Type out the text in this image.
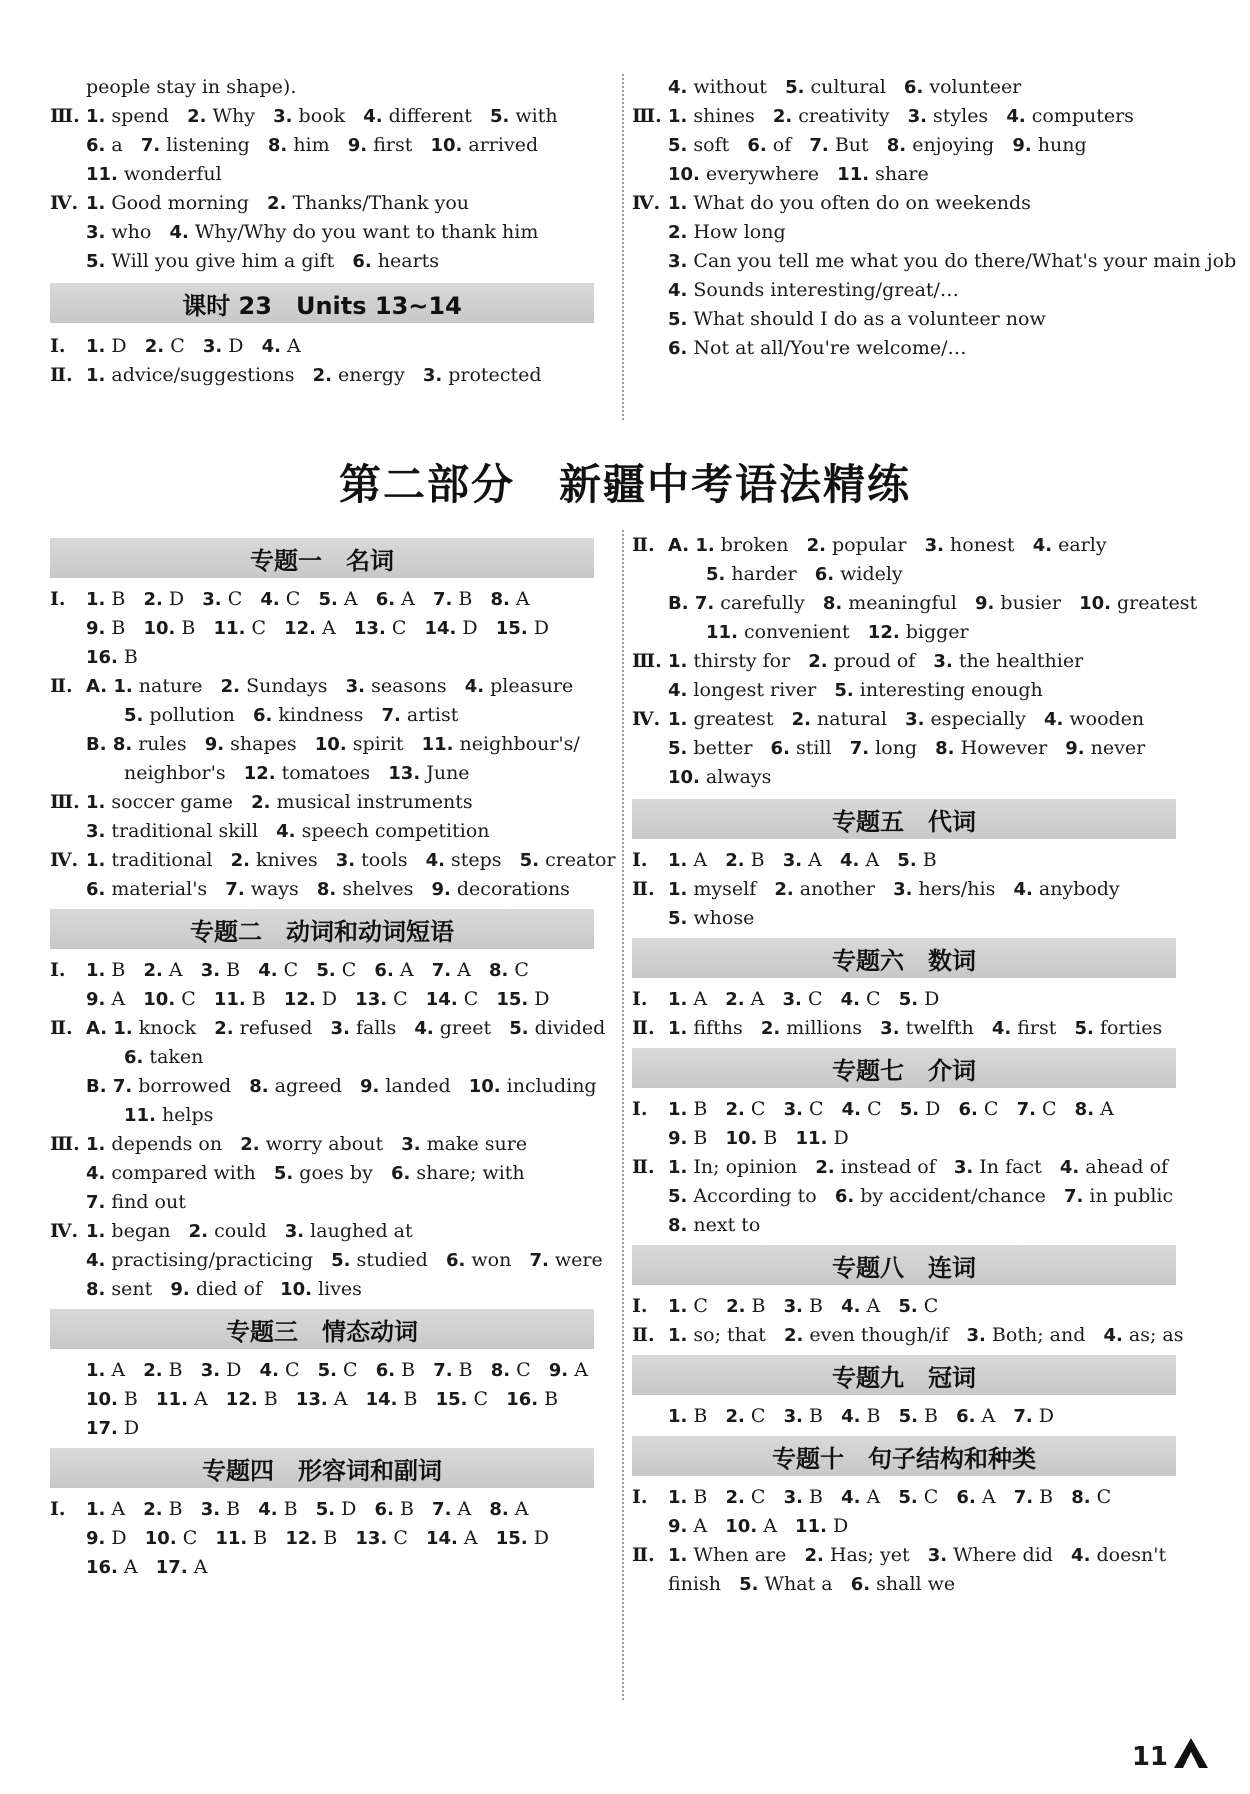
第二部分　新疆中考语法精练
people stay in shape).
Ⅲ. 1. spend   2. Why   3. book   4. different   5. with
6. a   7. listening   8. him   9. first   10. arrived
11. wonderful
Ⅳ. 1. Good morning   2. Thanks/Thank you
3. who   4. Why/Why do you want to thank him
5. Will you give him a gift   6. hearts
课时 23　Units 13~14
Ⅰ. 1. D   2. C   3. D   4. A
Ⅱ. 1. advice/suggestions   2. energy   3. protected
4. without   5. cultural   6. volunteer
Ⅲ. 1. shines   2. creativity   3. styles   4. computers
5. soft   6. of   7. But   8. enjoying   9. hung
10. everywhere   11. share
Ⅳ. 1. What do you often do on weekends
2. How long
3. Can you tell me what you do there/What's your main job
4. Sounds interesting/great/…
5. What should I do as a volunteer now
6. Not at all/You're welcome/…
专题一　名词
Ⅰ. 1. B   2. D   3. C   4. C   5. A   6. A   7. B   8. A
9. B   10. B   11. C   12. A   13. C   14. D   15. D
16. B
Ⅱ. A. 1. nature   2. Sundays   3. seasons   4. pleasure
　　5. pollution   6. kindness   7. artist
B. 8. rules   9. shapes   10. spirit   11. neighbour's/
　　neighbor's   12. tomatoes   13. June
Ⅲ. 1. soccer game   2. musical instruments
3. traditional skill   4. speech competition
Ⅳ. 1. traditional   2. knives   3. tools   4. steps   5. creator
6. material's   7. ways   8. shelves   9. decorations
专题二　动词和动词短语
Ⅰ. 1. B   2. A   3. B   4. C   5. C   6. A   7. A   8. C
9. A   10. C   11. B   12. D   13. C   14. C   15. D
Ⅱ. A. 1. knock   2. refused   3. falls   4. greet   5. divided
　　6. taken
B. 7. borrowed   8. agreed   9. landed   10. including
　　11. helps
Ⅲ. 1. depends on   2. worry about   3. make sure
4. compared with   5. goes by   6. share; with
7. find out
Ⅳ. 1. began   2. could   3. laughed at
4. practising/practicing   5. studied   6. won   7. were
8. sent   9. died of   10. lives
专题三　情态动词
1. A   2. B   3. D   4. C   5. C   6. B   7. B   8. C   9. A
10. B   11. A   12. B   13. A   14. B   15. C   16. B
17. D
专题四　形容词和副词
Ⅰ. 1. A   2. B   3. B   4. B   5. D   6. B   7. A   8. A
9. D   10. C   11. B   12. B   13. C   14. A   15. D
16. A   17. A
Ⅱ. A. 1. broken   2. popular   3. honest   4. early
　　5. harder   6. widely
B. 7. carefully   8. meaningful   9. busier   10. greatest
　　11. convenient   12. bigger
Ⅲ. 1. thirsty for   2. proud of   3. the healthier
4. longest river   5. interesting enough
Ⅳ. 1. greatest   2. natural   3. especially   4. wooden
5. better   6. still   7. long   8. However   9. never
10. always
专题五　代词
Ⅰ. 1. A   2. B   3. A   4. A   5. B
Ⅱ. 1. myself   2. another   3. hers/his   4. anybody
5. whose
专题六　数词
Ⅰ. 1. A   2. A   3. C   4. C   5. D
Ⅱ. 1. fifths   2. millions   3. twelfth   4. first   5. forties
专题七　介词
Ⅰ. 1. B   2. C   3. C   4. C   5. D   6. C   7. C   8. A
9. B   10. B   11. D
Ⅱ. 1. In; opinion   2. instead of   3. In fact   4. ahead of
5. According to   6. by accident/chance   7. in public
8. next to
专题八　连词
Ⅰ. 1. C   2. B   3. B   4. A   5. C
Ⅱ. 1. so; that   2. even though/if   3. Both; and   4. as; as
专题九　冠词
1. B   2. C   3. B   4. B   5. B   6. A   7. D
专题十　句子结构和种类
Ⅰ. 1. B   2. C   3. B   4. A   5. C   6. A   7. B   8. C
9. A   10. A   11. D
Ⅱ. 1. When are   2. Has; yet   3. Where did   4. doesn't
finish   5. What a   6. shall we
11
